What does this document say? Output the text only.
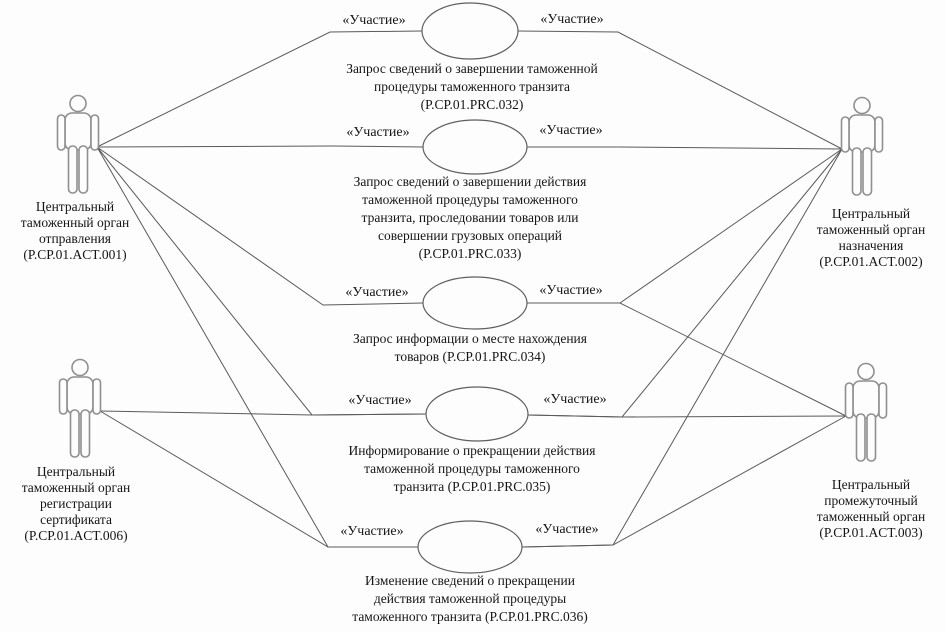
«Участие»	«Участие»
«Участие»	«Участие»
«Участие»	«Участие»
«Участие»	«Участие»
«Участие»	«Участие»
Запрос сведений о завершении таможенной
процедуры таможенного транзита
(P.CP.01.PRC.032)
Запрос сведений о завершении действия
таможенной процедуры таможенного
транзита, проследовании товаров или
совершении грузовых операций
(P.CP.01.PRC.033)
Запрос информации о месте нахождения
товаров (P.CP.01.PRC.034)
Информирование о прекращении действия
таможенной процедуры таможенного
транзита (P.CP.01.PRC.035)
Изменение сведений о прекращении
действия таможенной процедуры
таможенного транзита (P.CP.01.PRC.036)
Центральный
таможенный орган
отправления
(P.CP.01.ACT.001)
Центральный
таможенный орган
назначения
(P.CP.01.ACT.002)
Центральный
промежуточный
таможенный орган
(P.CP.01.ACT.003)
Центральный
таможенный орган
регистрации
сертификата
(P.CP.01.ACT.006)
